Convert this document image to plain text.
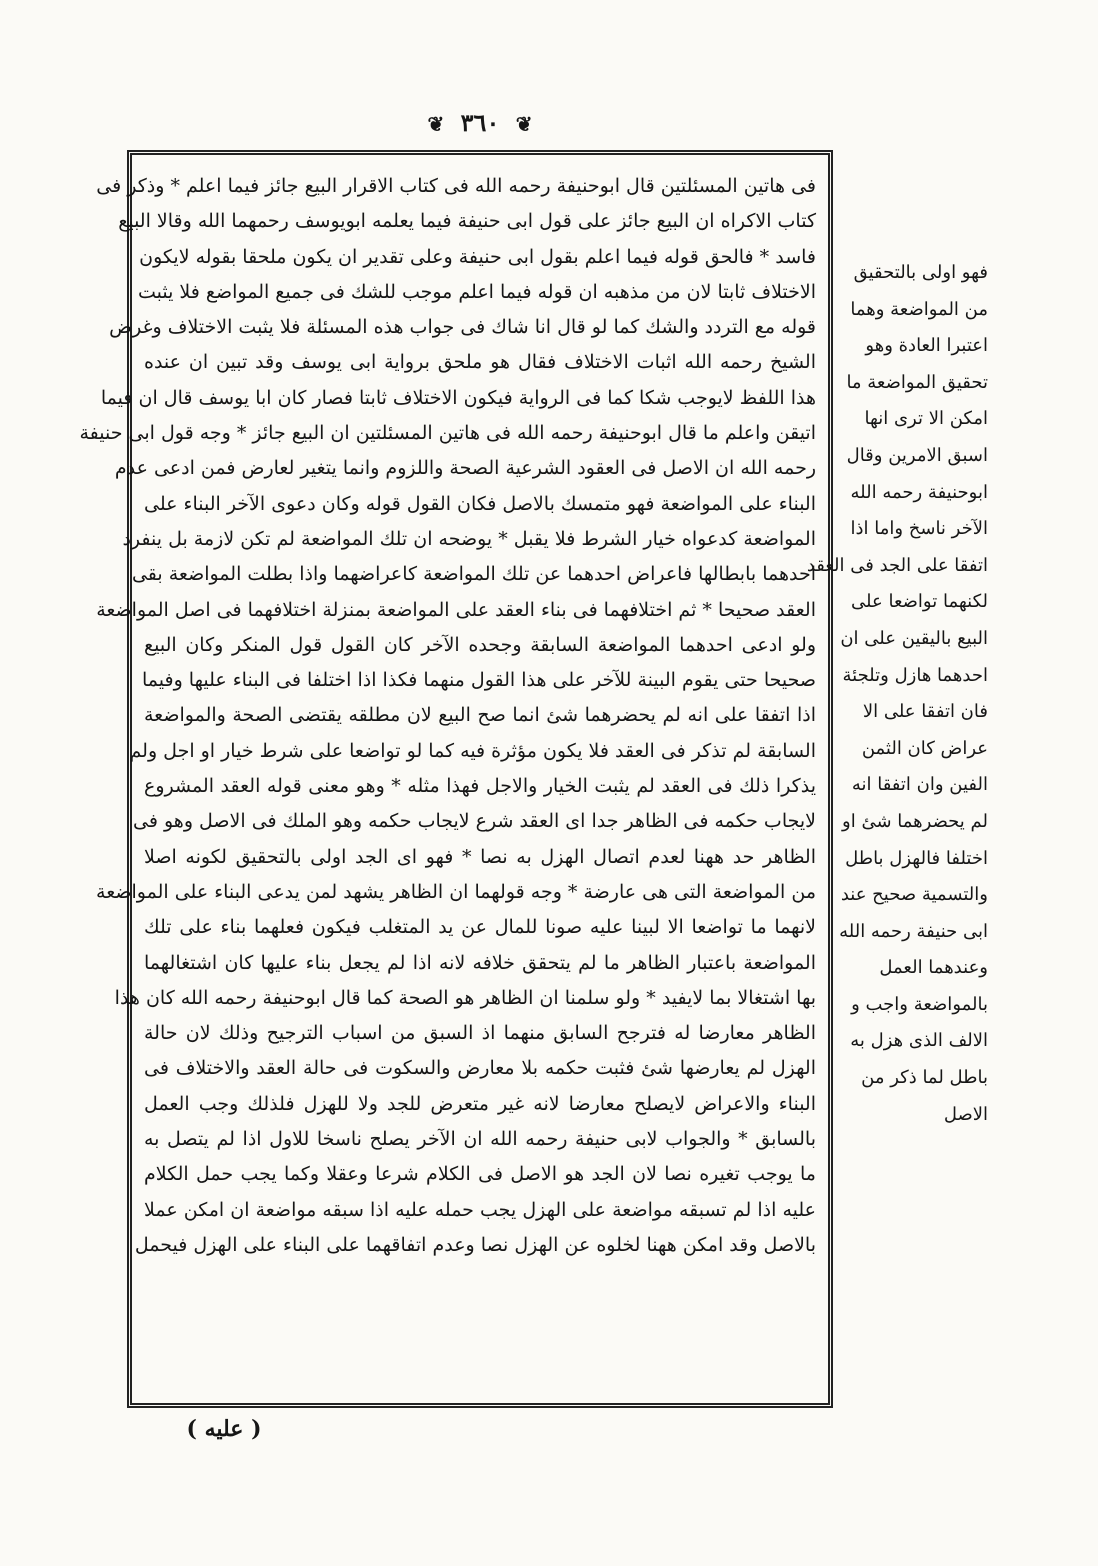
❦ ٣٦٠ ❦
فى هاتين المسئلتين قال ابوحنيفة رحمه الله فى كتاب الاقرار البيع جائز فيما اعلم * وذكر فى
كتاب الاكراه ان البيع جائز على قول ابى حنيفة فيما يعلمه ابويوسف رحمهما الله وقالا البيع
فاسد * فالحق قوله فيما اعلم بقول ابى حنيفة وعلى تقدير ان يكون ملحقا بقوله لايكون
الاختلاف ثابتا لان من مذهبه ان قوله فيما اعلم موجب للشك فى جميع المواضع فلا يثبت
قوله مع التردد والشك كما لو قال انا شاك فى جواب هذه المسئلة فلا يثبت الاختلاف وغرض
الشيخ رحمه الله اثبات الاختلاف فقال هو ملحق برواية ابى يوسف وقد تبين ان عنده
هذا اللفظ لايوجب شكا كما فى الرواية فيكون الاختلاف ثابتا فصار كان ابا يوسف قال ان فيما
اتيقن واعلم ما قال ابوحنيفة رحمه الله فى هاتين المسئلتين ان البيع جائز * وجه قول ابى حنيفة
رحمه الله ان الاصل فى العقود الشرعية الصحة واللزوم وانما يتغير لعارض فمن ادعى عدم
البناء على المواضعة فهو متمسك بالاصل فكان القول قوله وكان دعوى الآخر البناء على
المواضعة كدعواه خيار الشرط فلا يقبل * يوضحه ان تلك المواضعة لم تكن لازمة بل ينفرد
احدهما بابطالها فاعراض احدهما عن تلك المواضعة كاعراضهما واذا بطلت المواضعة بقى
العقد صحيحا * ثم اختلافهما فى بناء العقد على المواضعة بمنزلة اختلافهما فى اصل المواضعة
ولو ادعى احدهما المواضعة السابقة وجحده الآخر كان القول قول المنكر وكان البيع
صحيحا حتى يقوم البينة للآخر على هذا القول منهما فكذا اذا اختلفا فى البناء عليها وفيما
اذا اتفقا على انه لم يحضرهما شئ انما صح البيع لان مطلقه يقتضى الصحة والمواضعة
السابقة لم تذكر فى العقد فلا يكون مؤثرة فيه كما لو تواضعا على شرط خيار او اجل ولم
يذكرا ذلك فى العقد لم يثبت الخيار والاجل فهذا مثله * وهو معنى قوله العقد المشروع
لايجاب حكمه فى الظاهر جدا اى العقد شرع لايجاب حكمه وهو الملك فى الاصل وهو فى
الظاهر حد ههنا لعدم اتصال الهزل به نصا * فهو اى الجد اولى بالتحقيق لكونه اصلا
من المواضعة التى هى عارضة * وجه قولهما ان الظاهر يشهد لمن يدعى البناء على المواضعة
لانهما ما تواضعا الا لبينا عليه صونا للمال عن يد المتغلب فيكون فعلهما بناء على تلك
المواضعة باعتبار الظاهر ما لم يتحقق خلافه لانه اذا لم يجعل بناء عليها كان اشتغالهما
بها اشتغالا بما لايفيد * ولو سلمنا ان الظاهر هو الصحة كما قال ابوحنيفة رحمه الله كان هذا
الظاهر معارضا له فترجح السابق منهما اذ السبق من اسباب الترجيح وذلك لان حالة
الهزل لم يعارضها شئ فثبت حكمه بلا معارض والسكوت فى حالة العقد والاختلاف فى
البناء والاعراض لايصلح معارضا لانه غير متعرض للجد ولا للهزل فلذلك وجب العمل
بالسابق * والجواب لابى حنيفة رحمه الله ان الآخر يصلح ناسخا للاول اذا لم يتصل به
ما يوجب تغيره نصا لان الجد هو الاصل فى الكلام شرعا وعقلا وكما يجب حمل الكلام
عليه اذا لم تسبقه مواضعة على الهزل يجب حمله عليه اذا سبقه مواضعة ان امكن عملا
بالاصل وقد امكن ههنا لخلوه عن الهزل نصا وعدم اتفاقهما على البناء على الهزل فيحمل
فهو اولى بالتحقيق
من المواضعة وهما
اعتبرا العادة وهو
تحقيق المواضعة ما
امكن الا ترى انها
اسبق الامرين وقال
ابوحنيفة رحمه الله
الآخر ناسخ واما اذا
اتفقا على الجد فى العقد
لكنهما تواضعا على
البيع باليقين على ان
احدهما هازل وتلجئة
فان اتفقا على الا
عراض كان الثمن
الفين وان اتفقا انه
لم يحضرهما شئ او
اختلفا فالهزل باطل
والتسمية صحيح عند
ابى حنيفة رحمه الله
وعندهما العمل
بالمواضعة واجب و
الالف الذى هزل به
باطل لما ذكر من
الاصل
( عليه )
